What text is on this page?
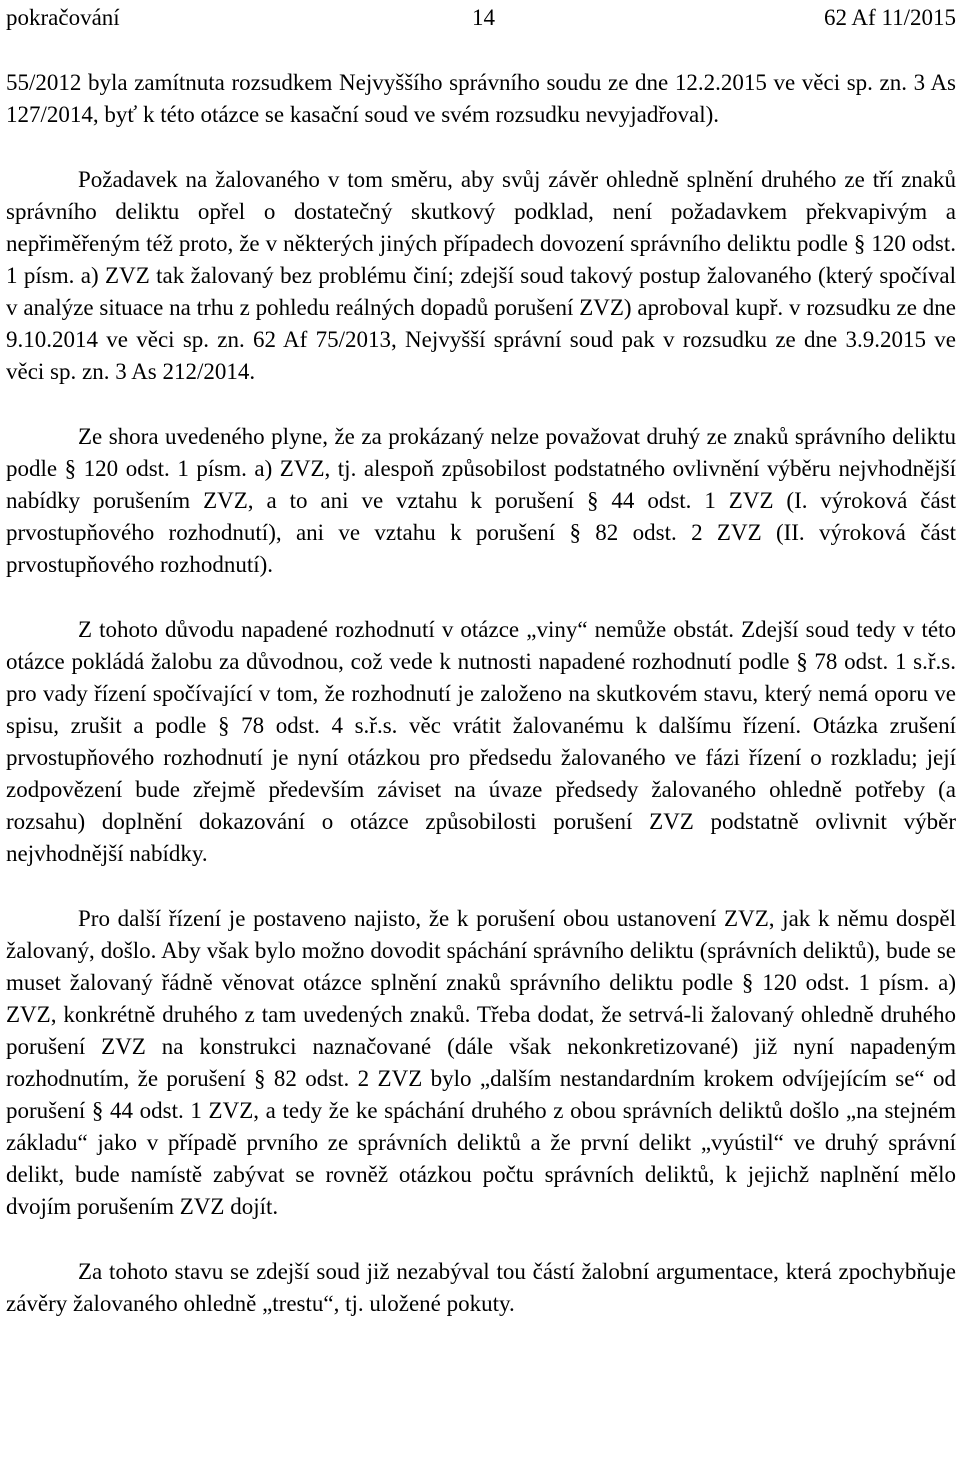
pokračování	14	62 Af 11/2015

55/2012 byla zamítnuta rozsudkem Nejvyššího správního soudu ze dne 12.2.2015 ve věci sp. zn. 3 As 127/2014, byť k této otázce se kasační soud ve svém rozsudku nevyjadřoval).

Požadavek na žalovaného v tom směru, aby svůj závěr ohledně splnění druhého ze tří znaků správního deliktu opřel o dostatečný skutkový podklad, není požadavkem překvapivým a nepřiměřeným též proto, že v některých jiných případech dovození správního deliktu podle § 120 odst. 1 písm. a) ZVZ tak žalovaný bez problému činí; zdejší soud takový postup žalovaného (který spočíval v analýze situace na trhu z pohledu reálných dopadů porušení ZVZ) aproboval kupř. v rozsudku ze dne 9.10.2014 ve věci sp. zn. 62 Af 75/2013, Nejvyšší správní soud pak v rozsudku ze dne 3.9.2015 ve věci sp. zn. 3 As 212/2014.

Ze shora uvedeného plyne, že za prokázaný nelze považovat druhý ze znaků správního deliktu podle § 120 odst. 1 písm. a) ZVZ, tj. alespoň způsobilost podstatného ovlivnění výběru nejvhodnější nabídky porušením ZVZ, a to ani ve vztahu k porušení § 44 odst. 1 ZVZ (I. výroková část prvostupňového rozhodnutí), ani ve vztahu k porušení § 82 odst. 2 ZVZ (II. výroková část prvostupňového rozhodnutí).

Z tohoto důvodu napadené rozhodnutí v otázce „viny“ nemůže obstát. Zdejší soud tedy v této otázce pokládá žalobu za důvodnou, což vede k nutnosti napadené rozhodnutí podle § 78 odst. 1 s.ř.s. pro vady řízení spočívající v tom, že rozhodnutí je založeno na skutkovém stavu, který nemá oporu ve spisu, zrušit a podle § 78 odst. 4 s.ř.s. věc vrátit žalovanému k dalšímu řízení. Otázka zrušení prvostupňového rozhodnutí je nyní otázkou pro předsedu žalovaného ve fázi řízení o rozkladu; její zodpovězení bude zřejmě především záviset na úvaze předsedy žalovaného ohledně potřeby (a rozsahu) doplnění dokazování o otázce způsobilosti porušení ZVZ podstatně ovlivnit výběr nejvhodnější nabídky.

Pro další řízení je postaveno najisto, že k porušení obou ustanovení ZVZ, jak k němu dospěl žalovaný, došlo. Aby však bylo možno dovodit spáchání správního deliktu (správních deliktů), bude se muset žalovaný řádně věnovat otázce splnění znaků správního deliktu podle § 120 odst. 1 písm. a) ZVZ, konkrétně druhého z tam uvedených znaků. Třeba dodat, že setrvá-li žalovaný ohledně druhého porušení ZVZ na konstrukci naznačované (dále však nekonkretizované) již nyní napadeným rozhodnutím, že porušení § 82 odst. 2 ZVZ bylo „dalším nestandardním krokem odvíjejícím se“ od porušení § 44 odst. 1 ZVZ, a tedy že ke spáchání druhého z obou správních deliktů došlo „na stejném základu“ jako v případě prvního ze správních deliktů a že první delikt „vyústil“ ve druhý správní delikt, bude namístě zabývat se rovněž otázkou počtu správních deliktů, k jejichž naplnění mělo dvojím porušením ZVZ dojít.

Za tohoto stavu se zdejší soud již nezabýval tou částí žalobní argumentace, která zpochybňuje závěry žalovaného ohledně „trestu“, tj. uložené pokuty.
